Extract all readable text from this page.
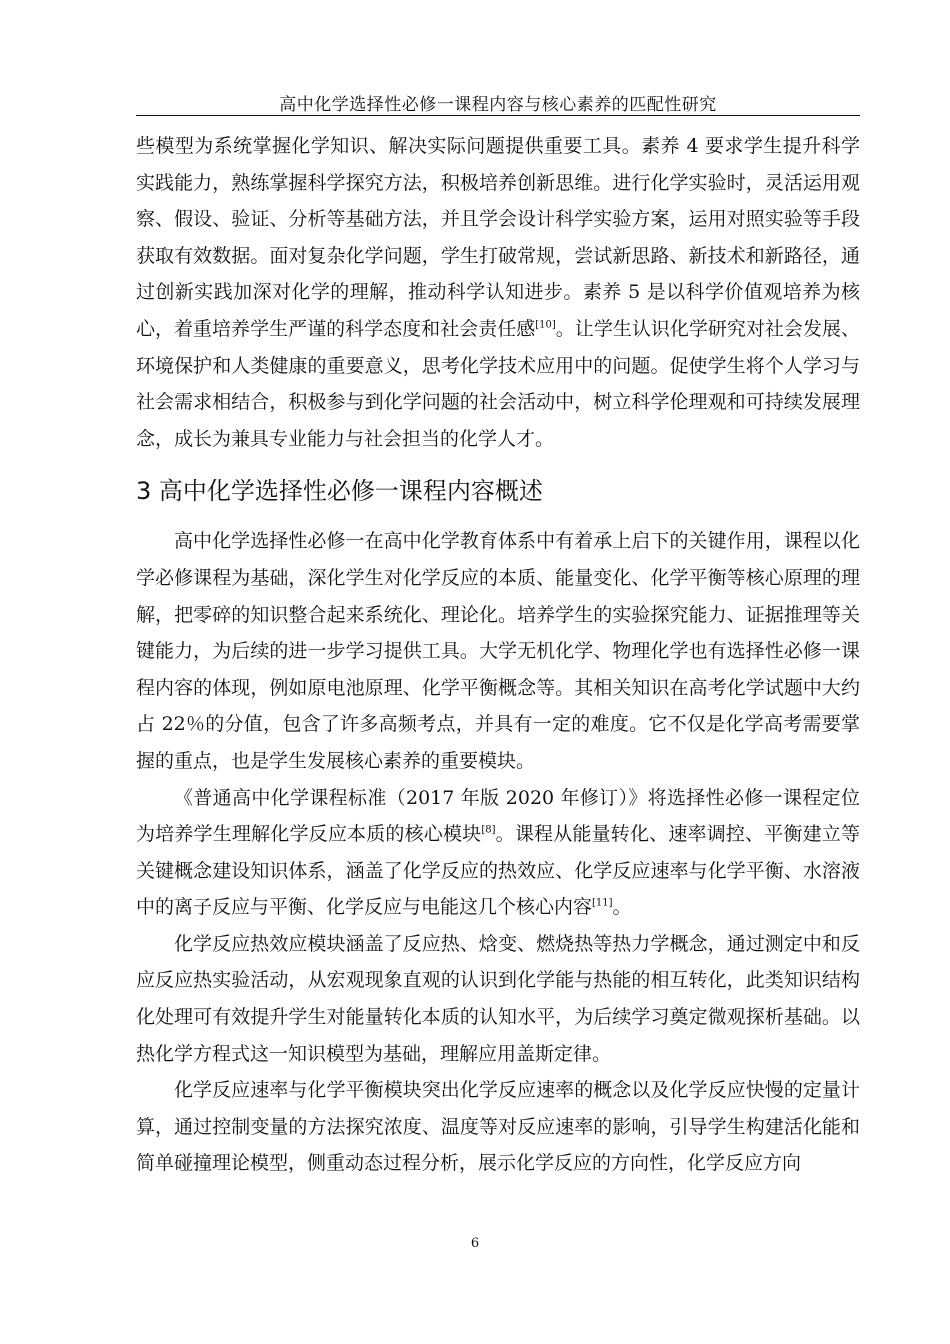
高中化学选择性必修一课程内容与核心素养的匹配性研究

些模型为系统掌握化学知识、解决实际问题提供重要工具。素养 4 要求学生提升科学实践能力，熟练掌握科学探究方法，积极培养创新思维。进行化学实验时，灵活运用观察、假设、验证、分析等基础方法，并且学会设计科学实验方案，运用对照实验等手段获取有效数据。面对复杂化学问题，学生打破常规，尝试新思路、新技术和新路径，通过创新实践加深对化学的理解，推动科学认知进步。素养 5 是以科学价值观培养为核心，着重培养学生严谨的科学态度和社会责任感[10]。让学生认识化学研究对社会发展、环境保护和人类健康的重要意义，思考化学技术应用中的问题。促使学生将个人学习与社会需求相结合，积极参与到化学问题的社会活动中，树立科学伦理观和可持续发展理念，成长为兼具专业能力与社会担当的化学人才。

3 高中化学选择性必修一课程内容概述

高中化学选择性必修一在高中化学教育体系中有着承上启下的关键作用，课程以化学必修课程为基础，深化学生对化学反应的本质、能量变化、化学平衡等核心原理的理解，把零碎的知识整合起来系统化、理论化。培养学生的实验探究能力、证据推理等关键能力，为后续的进一步学习提供工具。大学无机化学、物理化学也有选择性必修一课程内容的体现，例如原电池原理、化学平衡概念等。其相关知识在高考化学试题中大约占 22％的分值，包含了许多高频考点，并具有一定的难度。它不仅是化学高考需要掌握的重点，也是学生发展核心素养的重要模块。

《普通高中化学课程标准（2017 年版 2020 年修订）》将选择性必修一课程定位为培养学生理解化学反应本质的核心模块[8]。课程从能量转化、速率调控、平衡建立等关键概念建设知识体系，涵盖了化学反应的热效应、化学反应速率与化学平衡、水溶液中的离子反应与平衡、化学反应与电能这几个核心内容[11]。

化学反应热效应模块涵盖了反应热、焓变、燃烧热等热力学概念，通过测定中和反应反应热实验活动，从宏观现象直观的认识到化学能与热能的相互转化，此类知识结构化处理可有效提升学生对能量转化本质的认知水平，为后续学习奠定微观探析基础。以热化学方程式这一知识模型为基础，理解应用盖斯定律。

化学反应速率与化学平衡模块突出化学反应速率的概念以及化学反应快慢的定量计算，通过控制变量的方法探究浓度、温度等对反应速率的影响，引导学生构建活化能和简单碰撞理论模型，侧重动态过程分析，展示化学反应的方向性，化学反应方向

6
